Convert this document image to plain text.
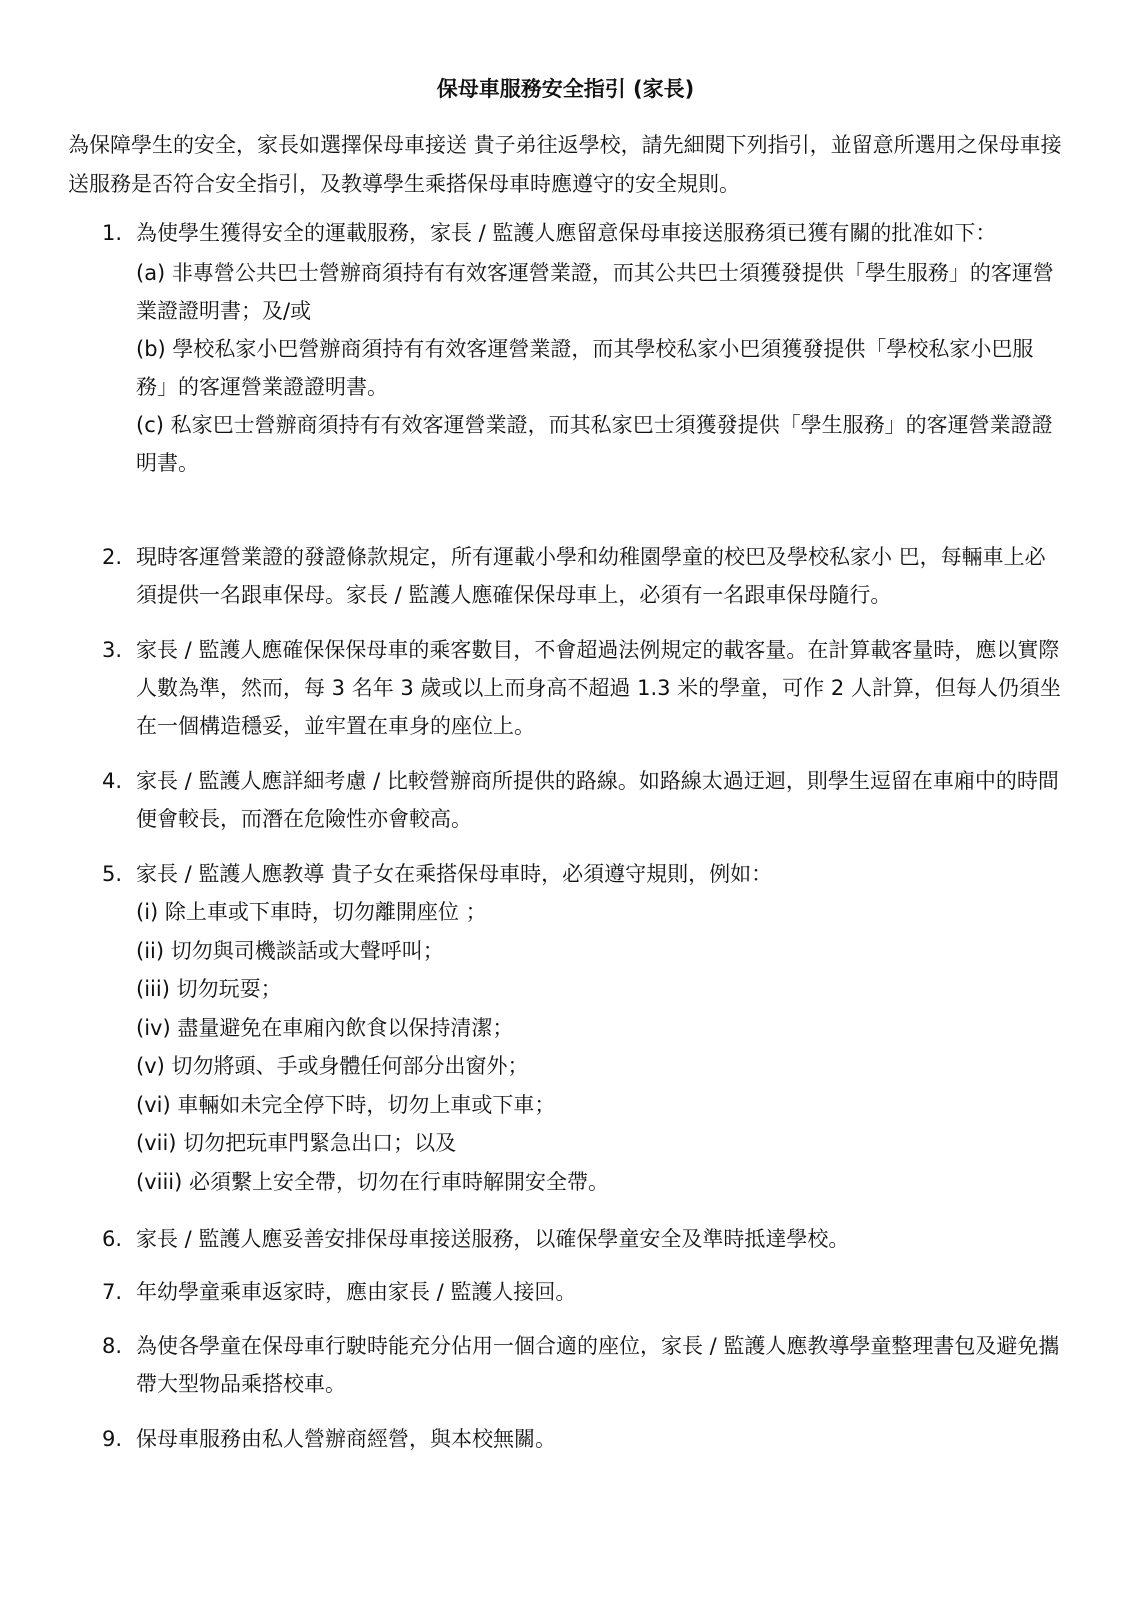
保母車服務安全指引 (家長)
為保障學生的安全，家長如選擇保母車接送 貴子弟往返學校，請先細閱下列指引，並留意所選用之保母車接送服務是否符合安全指引，及教導學生乘搭保母車時應遵守的安全規則。
1. 為使學生獲得安全的運載服務，家長 / 監護人應留意保母車接送服務須已獲有關的批准如下：
(a) 非專營公共巴士營辦商須持有有效客運營業證，而其公共巴士須獲發提供「學生服務」的客運營業證證明書；及/或
(b) 學校私家小巴營辦商須持有有效客運營業證，而其學校私家小巴須獲發提供「學校私家小巴服務」的客運營業證證明書。
(c) 私家巴士營辦商須持有有效客運營業證，而其私家巴士須獲發提供「學生服務」的客運營業證證明書。
2. 現時客運營業證的發證條款規定，所有運載小學和幼稚園學童的校巴及學校私家小 巴，每輛車上必須提供一名跟車保母。家長 / 監護人應確保保母車上，必須有一名跟車保母隨行。
3. 家長 / 監護人應確保保保母車的乘客數目，不會超過法例規定的載客量。在計算載客量時，應以實際人數為準，然而，每 3 名年 3 歲或以上而身高不超過 1.3 米的學童，可作 2 人計算，但每人仍須坐在一個構造穩妥，並牢置在車身的座位上。
4. 家長 / 監護人應詳細考慮 / 比較營辦商所提供的路線。如路線太過迂迴，則學生逗留在車廂中的時間便會較長，而潛在危險性亦會較高。
5. 家長 / 監護人應教導 貴子女在乘搭保母車時，必須遵守規則，例如：
(i) 除上車或下車時，切勿離開座位 ；
(ii) 切勿與司機談話或大聲呼叫；
(iii) 切勿玩耍；
(iv) 盡量避免在車廂內飲食以保持清潔；
(v) 切勿將頭、手或身體任何部分出窗外；
(vi) 車輛如未完全停下時，切勿上車或下車；
(vii) 切勿把玩車門緊急出口；以及
(viii) 必須繫上安全帶，切勿在行車時解開安全帶。
6. 家長 / 監護人應妥善安排保母車接送服務，以確保學童安全及準時抵達學校。
7. 年幼學童乘車返家時，應由家長 / 監護人接回。
8. 為使各學童在保母車行駛時能充分佔用一個合適的座位，家長 / 監護人應教導學童整理書包及避免攜帶大型物品乘搭校車。
9. 保母車服務由私人營辦商經營，與本校無關。
